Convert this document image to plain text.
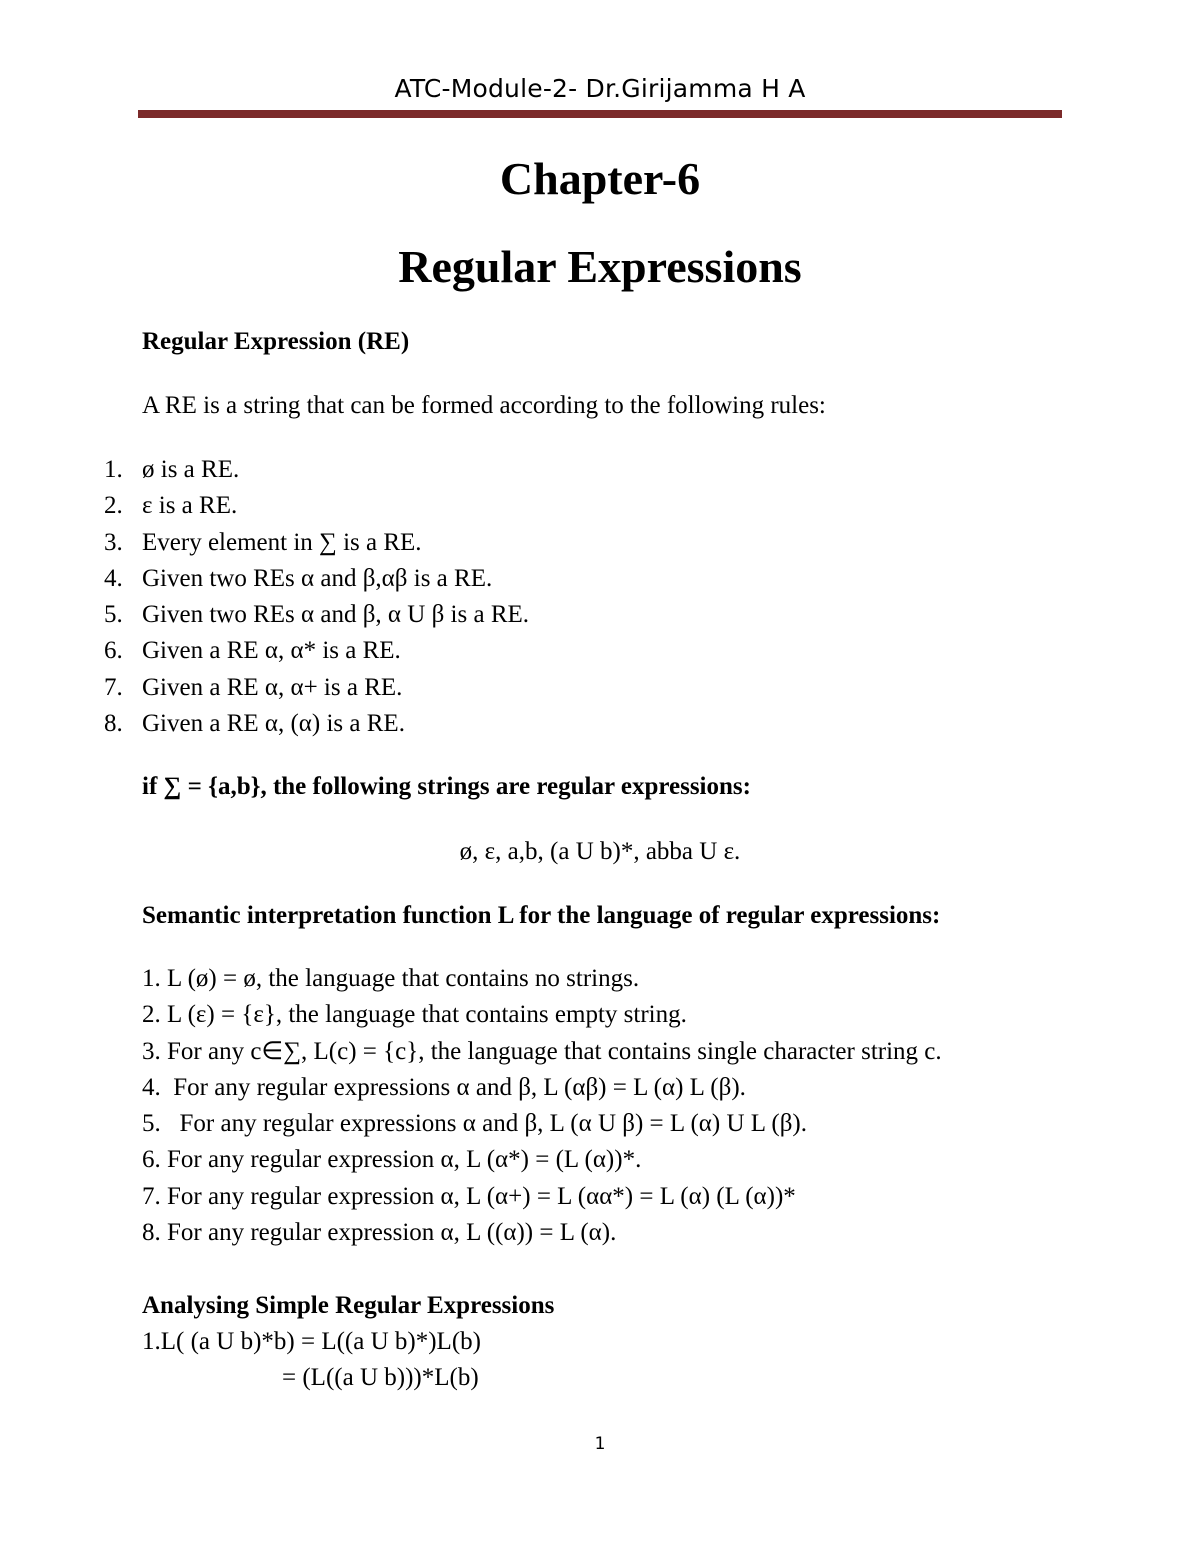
ATC-Module-2- Dr.Girijamma H A
Chapter-6
Regular Expressions
Regular Expression (RE)
A RE is a string that can be formed according to the following rules:
1. ø is a RE.
2. ε is a RE.
3. Every element in ∑ is a RE.
4. Given two REs α and β,αβ is a RE.
5. Given two REs α and β, α U β is a RE.
6. Given a RE α, α* is a RE.
7. Given a RE α, α+ is a RE.
8. Given a RE α, (α) is a RE.
if ∑ = {a,b}, the following strings are regular expressions:
ø, ε, a,b, (a U b)*, abba U ε.
Semantic interpretation function L for the language of regular expressions:
1. L (ø) = ø, the language that contains no strings.
2. L (ε) = {ε}, the language that contains empty string.
3. For any c∈∑, L(c) = {c}, the language that contains single character string c.
4.  For any regular expressions α and β, L (αβ) = L (α) L (β).
5.   For any regular expressions α and β, L (α U β) = L (α) U L (β).
6. For any regular expression α, L (α*) = (L (α))*.
7. For any regular expression α, L (α+) = L (αα*) = L (α) (L (α))*
8. For any regular expression α, L ((α)) = L (α).
Analysing Simple Regular Expressions
1.L( (a U b)*b) = L((a U b)*)L(b)
= (L((a U b)))*L(b)
1
